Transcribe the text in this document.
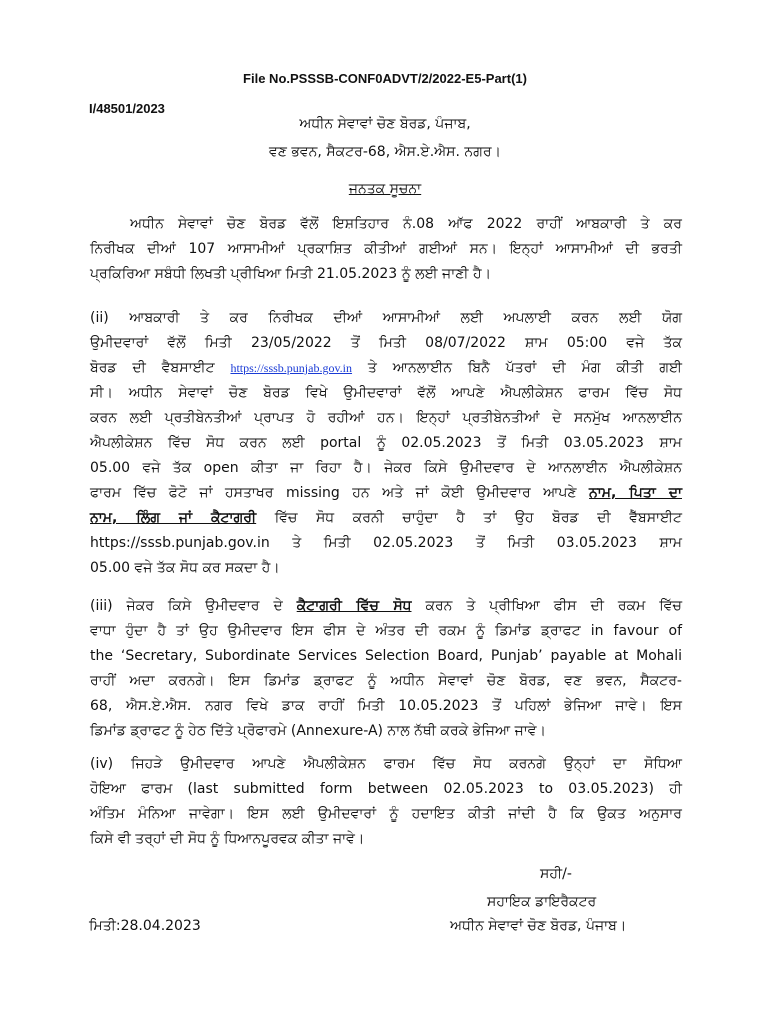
File No.PSSSB-CONF0ADVT/2/2022-E5-Part(1)
I/48501/2023
ਅਧੀਨ ਸੇਵਾਵਾਂ ਚੋਣ ਬੋਰਡ, ਪੰਜਾਬ,
ਵਣ ਭਵਨ, ਸੈਕਟਰ-68, ਐਸ.ਏ.ਐਸ. ਨਗਰ।
ਜਨਤਕ ਸੂਚਨਾ
ਅਧੀਨ ਸੇਵਾਵਾਂ ਚੋਣ ਬੋਰਡ ਵੱਲੋਂ ਇਸ਼ਤਿਹਾਰ ਨੰ.08 ਆੱਫ 2022 ਰਾਹੀਂ ਆਬਕਾਰੀ ਤੇ ਕਰ
ਨਿਰੀਖਕ ਦੀਆਂ 107 ਆਸਾਮੀਆਂ ਪ੍ਰਕਾਸ਼ਿਤ ਕੀਤੀਆਂ ਗਈਆਂ ਸਨ। ਇਨ੍ਹਾਂ ਆਸਾਮੀਆਂ ਦੀ ਭਰਤੀ
ਪ੍ਰਕਿਰਿਆ ਸਬੰਧੀ ਲਿਖਤੀ ਪ੍ਰੀਖਿਆ ਮਿਤੀ 21.05.2023 ਨੂੰ ਲਈ ਜਾਣੀ ਹੈ।
(ii) ਆਬਕਾਰੀ ਤੇ ਕਰ ਨਿਰੀਖਕ ਦੀਆਂ ਆਸਾਮੀਆਂ ਲਈ ਅਪਲਾਈ ਕਰਨ ਲਈ ਯੋਗ
ਉਮੀਦਵਾਰਾਂ ਵੱਲੋਂ ਮਿਤੀ 23/05/2022 ਤੋਂ ਮਿਤੀ 08/07/2022 ਸ਼ਾਮ 05:00 ਵਜੇ ਤੱਕ
ਬੋਰਡ ਦੀ ਵੈਬਸਾਈਟ https://sssb.punjab.gov.in ਤੇ ਆਨਲਾਈਨ ਬਿਨੈ ਪੱਤਰਾਂ ਦੀ ਮੰਗ ਕੀਤੀ ਗਈ
ਸੀ। ਅਧੀਨ ਸੇਵਾਵਾਂ ਚੋਣ ਬੋਰਡ ਵਿਖੇ ਉਮੀਦਵਾਰਾਂ ਵੱਲੋਂ ਆਪਣੇ ਐਪਲੀਕੇਸ਼ਨ ਫਾਰਮ ਵਿੱਚ ਸੋਧ
ਕਰਨ ਲਈ ਪ੍ਰਤੀਬੇਨਤੀਆਂ ਪ੍ਰਾਪਤ ਹੋ ਰਹੀਆਂ ਹਨ। ਇਨ੍ਹਾਂ ਪ੍ਰਤੀਬੇਨਤੀਆਂ ਦੇ ਸਨਮੁੱਖ ਆਨਲਾਈਨ
ਐਪਲੀਕੇਸ਼ਨ ਵਿੱਚ ਸੋਧ ਕਰਨ ਲਈ portal ਨੂੰ 02.05.2023 ਤੋਂ ਮਿਤੀ 03.05.2023 ਸ਼ਾਮ
05.00 ਵਜੇ ਤੱਕ open ਕੀਤਾ ਜਾ ਰਿਹਾ ਹੈ। ਜੇਕਰ ਕਿਸੇ ਉਮੀਦਵਾਰ ਦੇ ਆਨਲਾਈਨ ਐਪਲੀਕੇਸ਼ਨ
ਫਾਰਮ ਵਿੱਚ ਫੋਟੋ ਜਾਂ ਹਸਤਾਖਰ missing ਹਨ ਅਤੇ ਜਾਂ ਕੋਈ ਉਮੀਦਵਾਰ ਆਪਣੇ ਨਾਮ, ਪਿਤਾ ਦਾ
ਨਾਮ, ਲਿੰਗ ਜਾਂ ਕੈਟਾਗਰੀ ਵਿੱਚ ਸੋਧ ਕਰਨੀ ਚਾਹੁੰਦਾ ਹੈ ਤਾਂ ਉਹ ਬੋਰਡ ਦੀ ਵੈੱਬਸਾਈਟ
https://sssb.punjab.gov.in ਤੇ ਮਿਤੀ 02.05.2023 ਤੋਂ ਮਿਤੀ 03.05.2023 ਸ਼ਾਮ
05.00 ਵਜੇ ਤੱਕ ਸੋਧ ਕਰ ਸਕਦਾ ਹੈ।
(iii) ਜੇਕਰ ਕਿਸੇ ਉਮੀਦਵਾਰ ਦੇ ਕੈਟਾਗਰੀ ਵਿੱਚ ਸੋਧ ਕਰਨ ਤੇ ਪ੍ਰੀਖਿਆ ਫੀਸ ਦੀ ਰਕਮ ਵਿੱਚ
ਵਾਧਾ ਹੁੰਦਾ ਹੈ ਤਾਂ ਉਹ ਉਮੀਦਵਾਰ ਇਸ ਫੀਸ ਦੇ ਅੰਤਰ ਦੀ ਰਕਮ ਨੂੰ ਡਿਮਾਂਡ ਡ੍ਰਾਫਟ in favour of
the ‘Secretary, Subordinate Services Selection Board, Punjab’ payable at Mohali
ਰਾਹੀਂ ਅਦਾ ਕਰਨਗੇ। ਇਸ ਡਿਮਾਂਡ ਡ੍ਰਾਫਟ ਨੂੰ ਅਧੀਨ ਸੇਵਾਵਾਂ ਚੋਣ ਬੋਰਡ, ਵਣ ਭਵਨ, ਸੈਕਟਰ-
68, ਐਸ.ਏ.ਐਸ. ਨਗਰ ਵਿਖੇ ਡਾਕ ਰਾਹੀਂ ਮਿਤੀ 10.05.2023 ਤੋਂ ਪਹਿਲਾਂ ਭੇਜਿਆ ਜਾਵੇ। ਇਸ
ਡਿਮਾਂਡ ਡ੍ਰਾਫਟ ਨੂੰ ਹੇਠ ਦਿੱਤੇ ਪ੍ਰੋਫਾਰਮੇ (Annexure-A) ਨਾਲ ਨੱਥੀ ਕਰਕੇ ਭੇਜਿਆ ਜਾਵੇ।
(iv) ਜਿਹੜੇ ਉਮੀਦਵਾਰ ਆਪਣੇ ਐਪਲੀਕੇਸ਼ਨ ਫਾਰਮ ਵਿੱਚ ਸੋਧ ਕਰਨਗੇ ਉਨ੍ਹਾਂ ਦਾ ਸੋਧਿਆ
ਹੋਇਆ ਫਾਰਮ (last submitted form between 02.05.2023 to 03.05.2023) ਹੀ
ਅੰਤਿਮ ਮੰਨਿਆ ਜਾਵੇਗਾ। ਇਸ ਲਈ ਉਮੀਦਵਾਰਾਂ ਨੂੰ ਹਦਾਇਤ ਕੀਤੀ ਜਾਂਦੀ ਹੈ ਕਿ ਉਕਤ ਅਨੁਸਾਰ
ਕਿਸੇ ਵੀ ਤਰ੍ਹਾਂ ਦੀ ਸੋਧ ਨੂੰ ਧਿਆਨਪੂਰਵਕ ਕੀਤਾ ਜਾਵੇ।
ਸਹੀ/-
ਸਹਾਇਕ ਡਾਇਰੈਕਟਰ
ਅਧੀਨ ਸੇਵਾਵਾਂ ਚੋਣ ਬੋਰਡ, ਪੰਜਾਬ।
ਮਿਤੀ:28.04.2023
